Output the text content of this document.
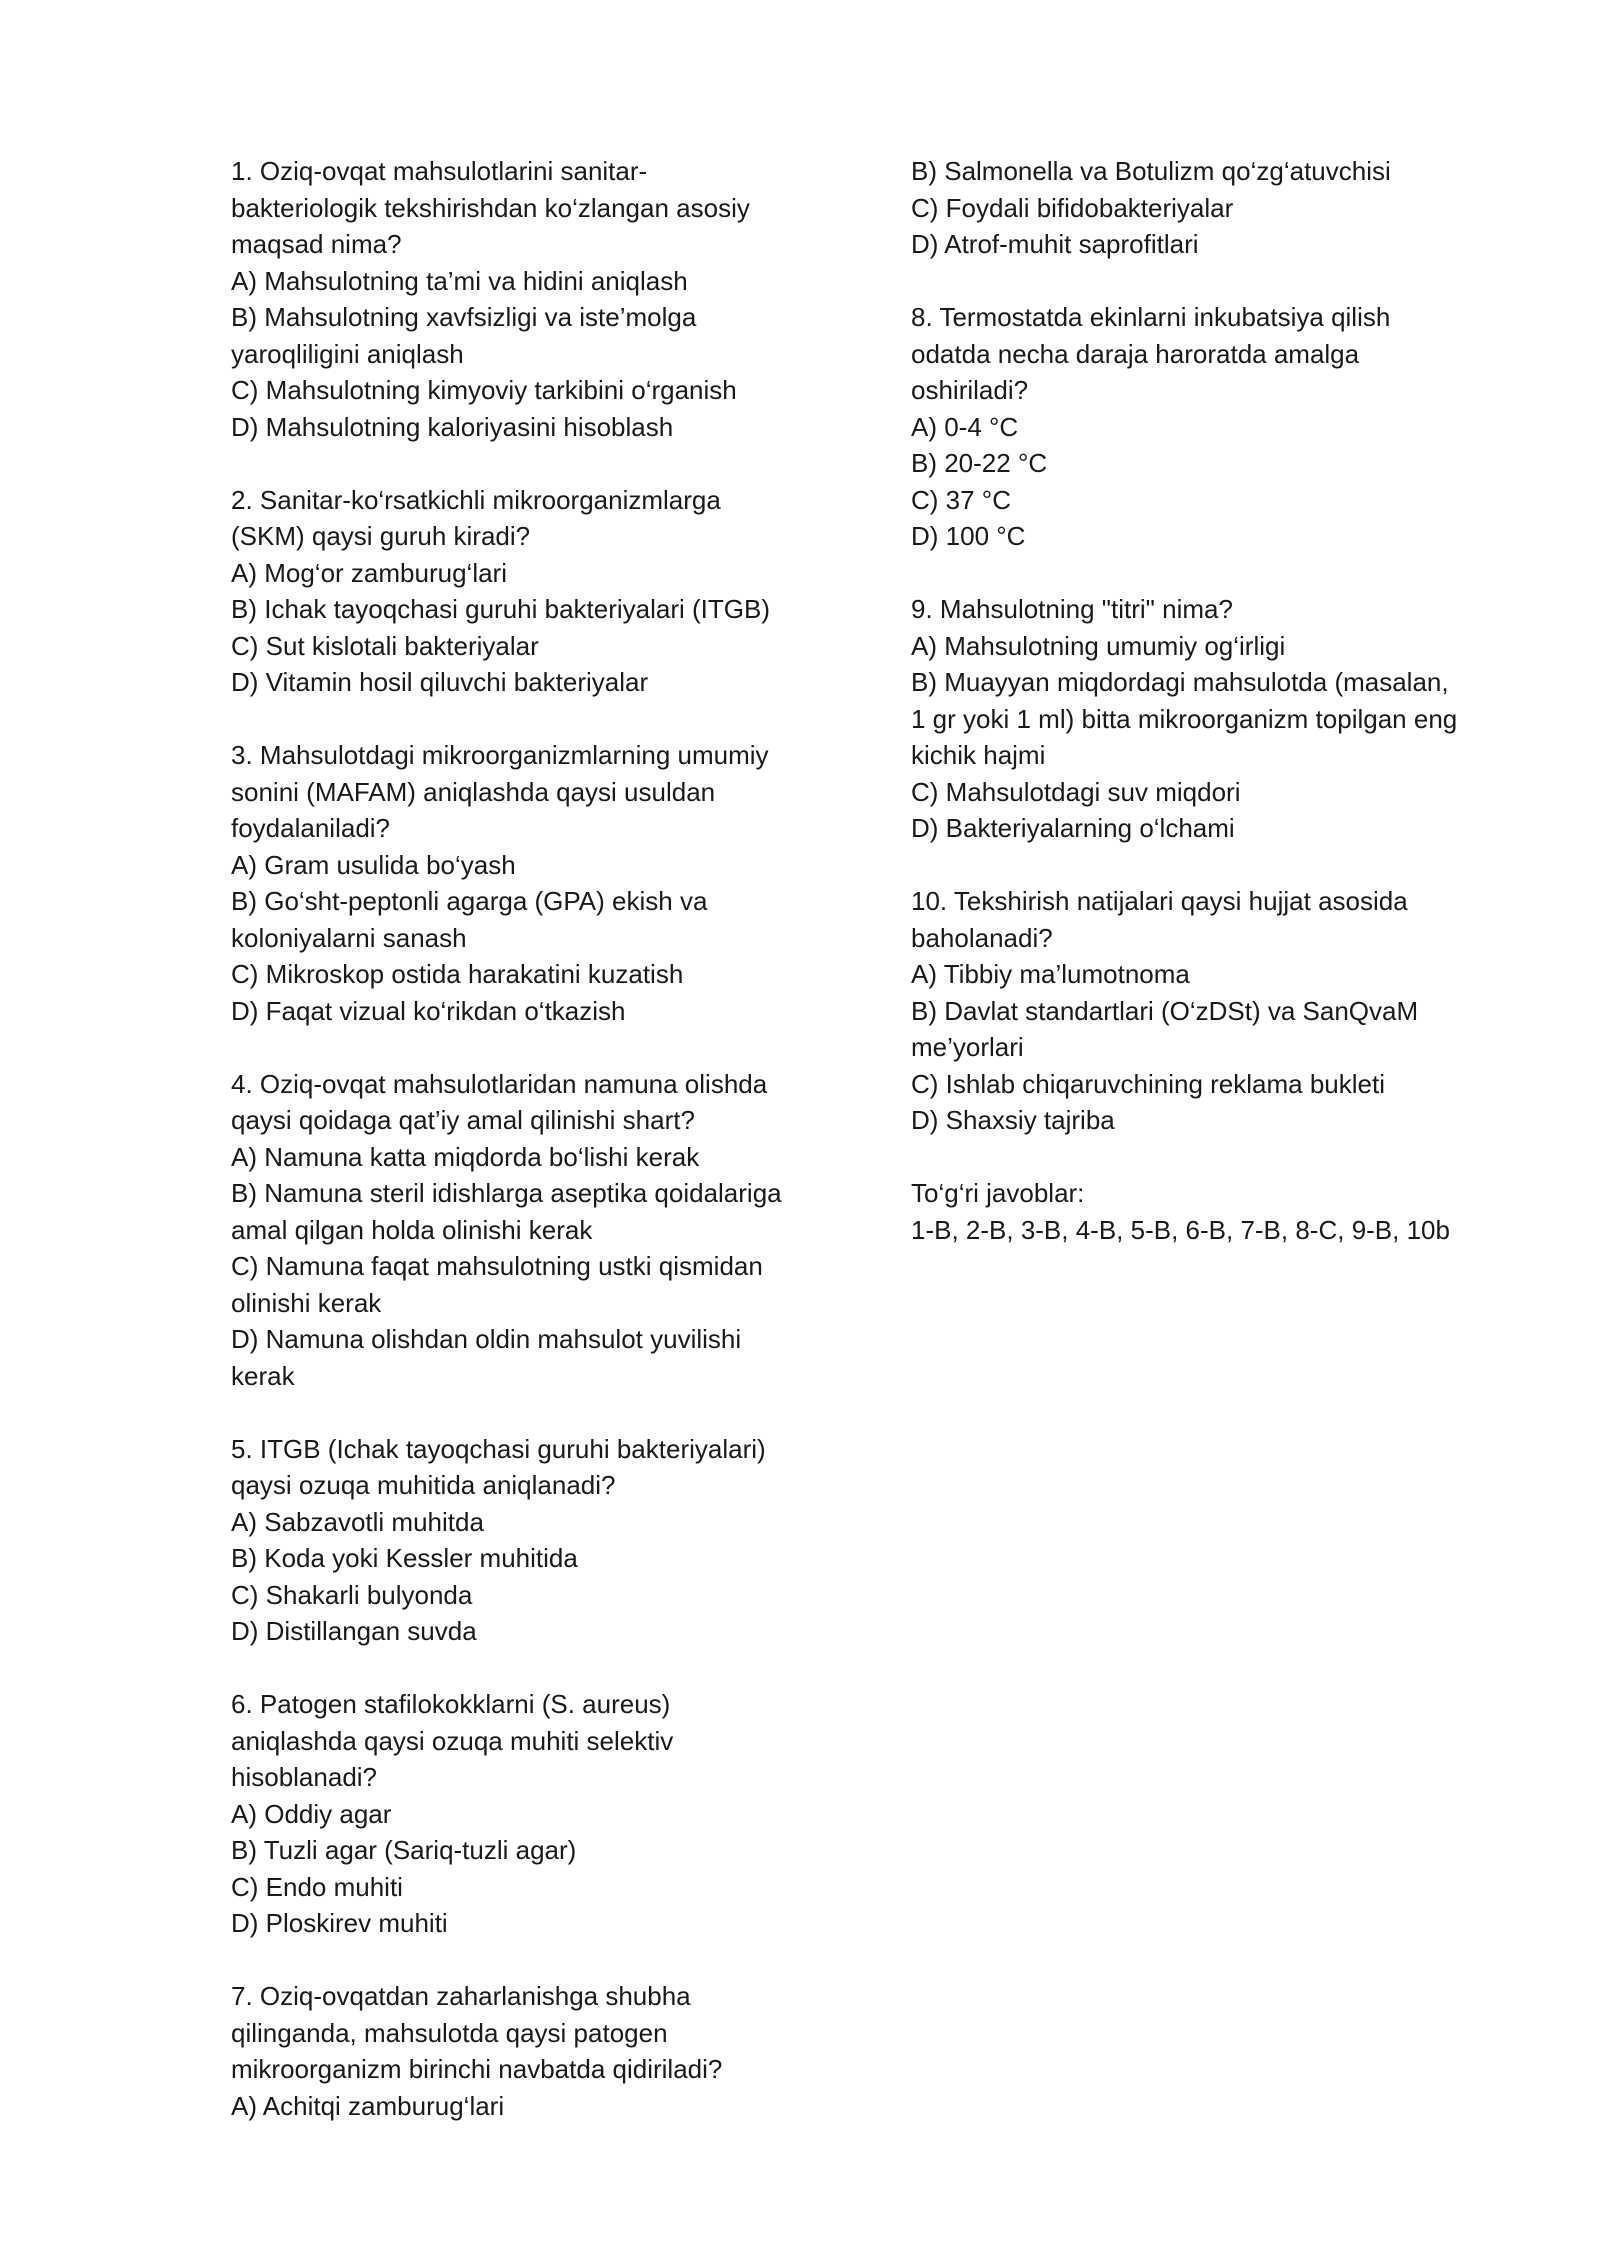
1. Oziq-ovqat mahsulotlarini sanitar-
bakteriologik tekshirishdan ko‘zlangan asosiy
maqsad nima?
A) Mahsulotning ta’mi va hidini aniqlash
B) Mahsulotning xavfsizligi va iste’molga
yaroqliligini aniqlash
C) Mahsulotning kimyoviy tarkibini o‘rganish
D) Mahsulotning kaloriyasini hisoblash
2. Sanitar-ko‘rsatkichli mikroorganizmlarga
(SKM) qaysi guruh kiradi?
A) Mog‘or zamburug‘lari
B) Ichak tayoqchasi guruhi bakteriyalari (ITGB)
C) Sut kislotali bakteriyalar
D) Vitamin hosil qiluvchi bakteriyalar
3. Mahsulotdagi mikroorganizmlarning umumiy
sonini (MAFAM) aniqlashda qaysi usuldan
foydalaniladi?
A) Gram usulida bo‘yash
B) Go‘sht-peptonli agarga (GPA) ekish va
koloniyalarni sanash
C) Mikroskop ostida harakatini kuzatish
D) Faqat vizual ko‘rikdan o‘tkazish
4. Oziq-ovqat mahsulotlaridan namuna olishda
qaysi qoidaga qat’iy amal qilinishi shart?
A) Namuna katta miqdorda bo‘lishi kerak
B) Namuna steril idishlarga aseptika qoidalariga
amal qilgan holda olinishi kerak
C) Namuna faqat mahsulotning ustki qismidan
olinishi kerak
D) Namuna olishdan oldin mahsulot yuvilishi
kerak
5. ITGB (Ichak tayoqchasi guruhi bakteriyalari)
qaysi ozuqa muhitida aniqlanadi?
A) Sabzavotli muhitda
B) Koda yoki Kessler muhitida
C) Shakarli bulyonda
D) Distillangan suvda
6. Patogen stafilokokklarni (S. aureus)
aniqlashda qaysi ozuqa muhiti selektiv
hisoblanadi?
A) Oddiy agar
B) Tuzli agar (Sariq-tuzli agar)
C) Endo muhiti
D) Ploskirev muhiti
7. Oziq-ovqatdan zaharlanishga shubha
qilinganda, mahsulotda qaysi patogen
mikroorganizm birinchi navbatda qidiriladi?
A) Achitqi zamburug‘lari
B) Salmonella va Botulizm qo‘zg‘atuvchisi
C) Foydali bifidobakteriyalar
D) Atrof-muhit saprofitlari
8. Termostatda ekinlarni inkubatsiya qilish
odatda necha daraja haroratda amalga
oshiriladi?
A) 0-4 °C
B) 20-22 °C
C) 37 °C
D) 100 °C
9. Mahsulotning "titri" nima?
A) Mahsulotning umumiy og‘irligi
B) Muayyan miqdordagi mahsulotda (masalan,
1 gr yoki 1 ml) bitta mikroorganizm topilgan eng
kichik hajmi
C) Mahsulotdagi suv miqdori
D) Bakteriyalarning o‘lchami
10. Tekshirish natijalari qaysi hujjat asosida
baholanadi?
A) Tibbiy ma’lumotnoma
B) Davlat standartlari (O‘zDSt) va SanQvaM
me’yorlari
C) Ishlab chiqaruvchining reklama bukleti
D) Shaxsiy tajriba
To‘g‘ri javoblar:
1-B, 2-B, 3-B, 4-B, 5-B, 6-B, 7-B, 8-C, 9-B, 10b
